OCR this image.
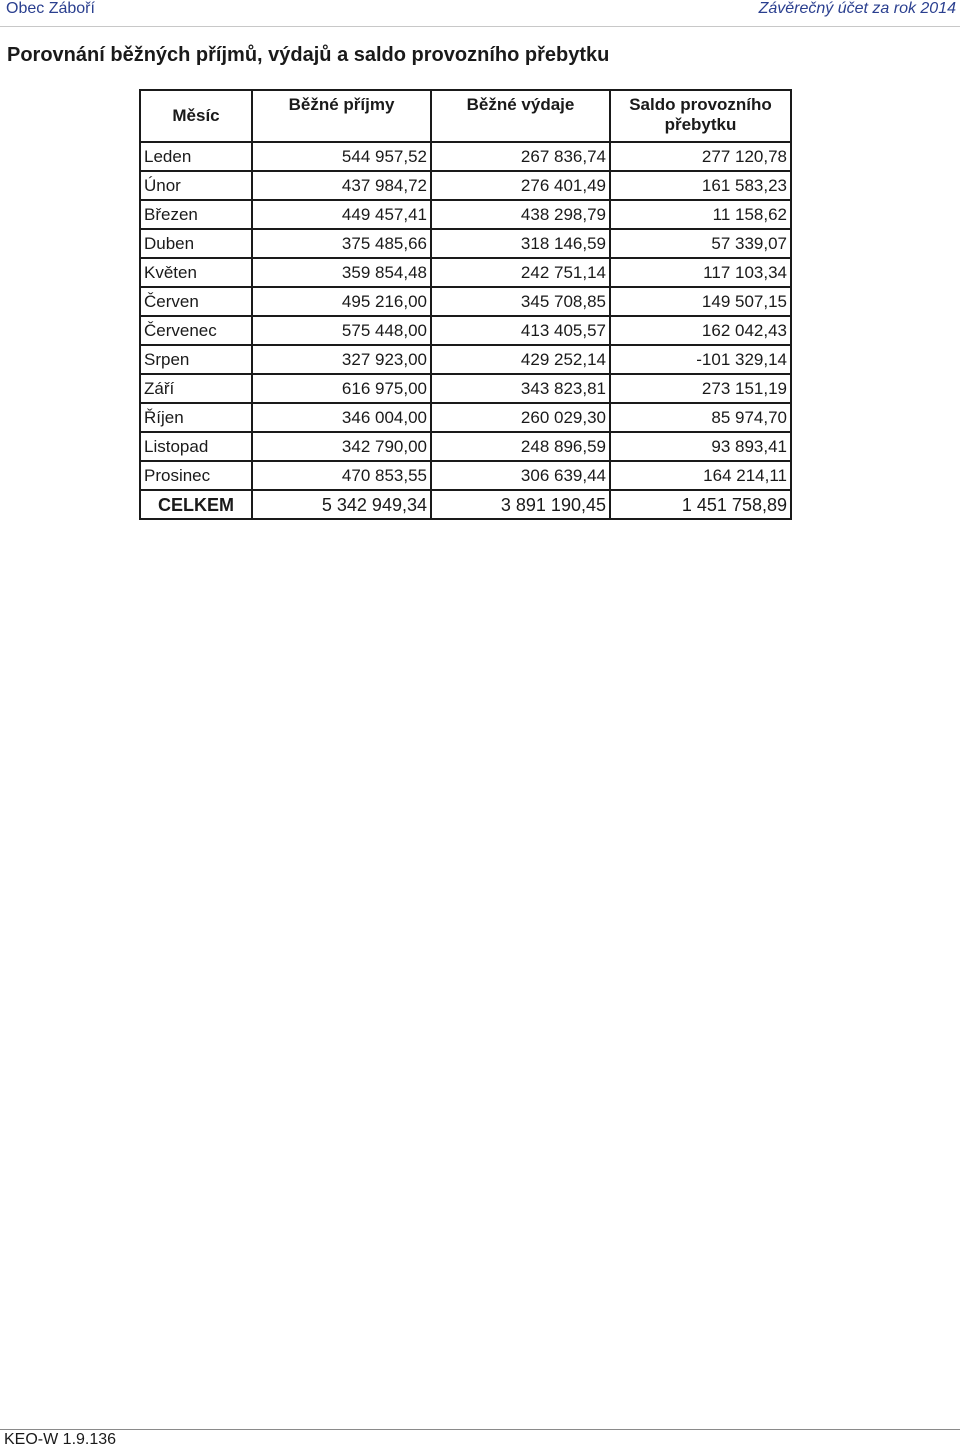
Obec Záboří	Závěrečný účet za rok 2014
Porovnání běžných příjmů, výdajů a saldo provozního přebytku
Měsíc	Běžné příjmy	Běžné výdaje	Saldo provozního přebytku
Leden	544 957,52	267 836,74	277 120,78
Únor	437 984,72	276 401,49	161 583,23
Březen	449 457,41	438 298,79	11 158,62
Duben	375 485,66	318 146,59	57 339,07
Květen	359 854,48	242 751,14	117 103,34
Červen	495 216,00	345 708,85	149 507,15
Červenec	575 448,00	413 405,57	162 042,43
Srpen	327 923,00	429 252,14	-101 329,14
Září	616 975,00	343 823,81	273 151,19
Říjen	346 004,00	260 029,30	85 974,70
Listopad	342 790,00	248 896,59	93 893,41
Prosinec	470 853,55	306 639,44	164 214,11
CELKEM	5 342 949,34	3 891 190,45	1 451 758,89
KEO-W 1.9.136
